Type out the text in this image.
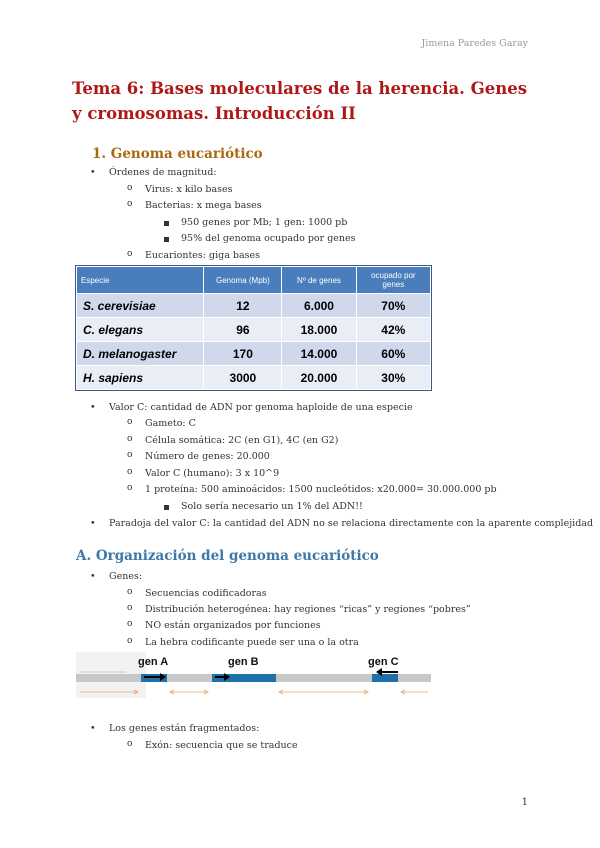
Jimena Paredes Garay
Tema 6: Bases moleculares de la herencia. Genes y cromosomas. Introducción II
1. Genoma eucariótico
• Órdenes de magnitud:
o Virus: x kilo bases
o Bacterias: x mega bases
950 genes por Mb; 1 gen: 1000 pb
95% del genoma ocupado por genes
o Eucariontes: giga bases
Especie	Genoma (Mpb)	Nº de genes	ocupado por genes
S. cerevisiae	12	6.000	70%
C. elegans	96	18.000	42%
D. melanogaster	170	14.000	60%
H. sapiens	3000	20.000	30%
• Valor C: cantidad de ADN por genoma haploide de una especie
o Gameto: C
o Célula somática: 2C (en G1), 4C (en G2)
o Número de genes: 20.000
o Valor C (humano): 3 x 10^9
o 1 proteína: 500 aminoácidos: 1500 nucleótidos: x20.000= 30.000.000 pb
Solo sería necesario un 1% del ADN!!
• Paradoja del valor C: la cantidad del ADN no se relaciona directamente con la aparente complejidad
A. Organización del genoma eucariótico
• Genes:
o Secuencias codificadoras
o Distribución heterogénea: hay regiones “ricas” y regiones “pobres”
o NO están organizados por funciones
o La hebra codificante puede ser una o la otra
gen A	gen B	gen C
• Los genes están fragmentados:
o Exón: secuencia que se traduce
1
